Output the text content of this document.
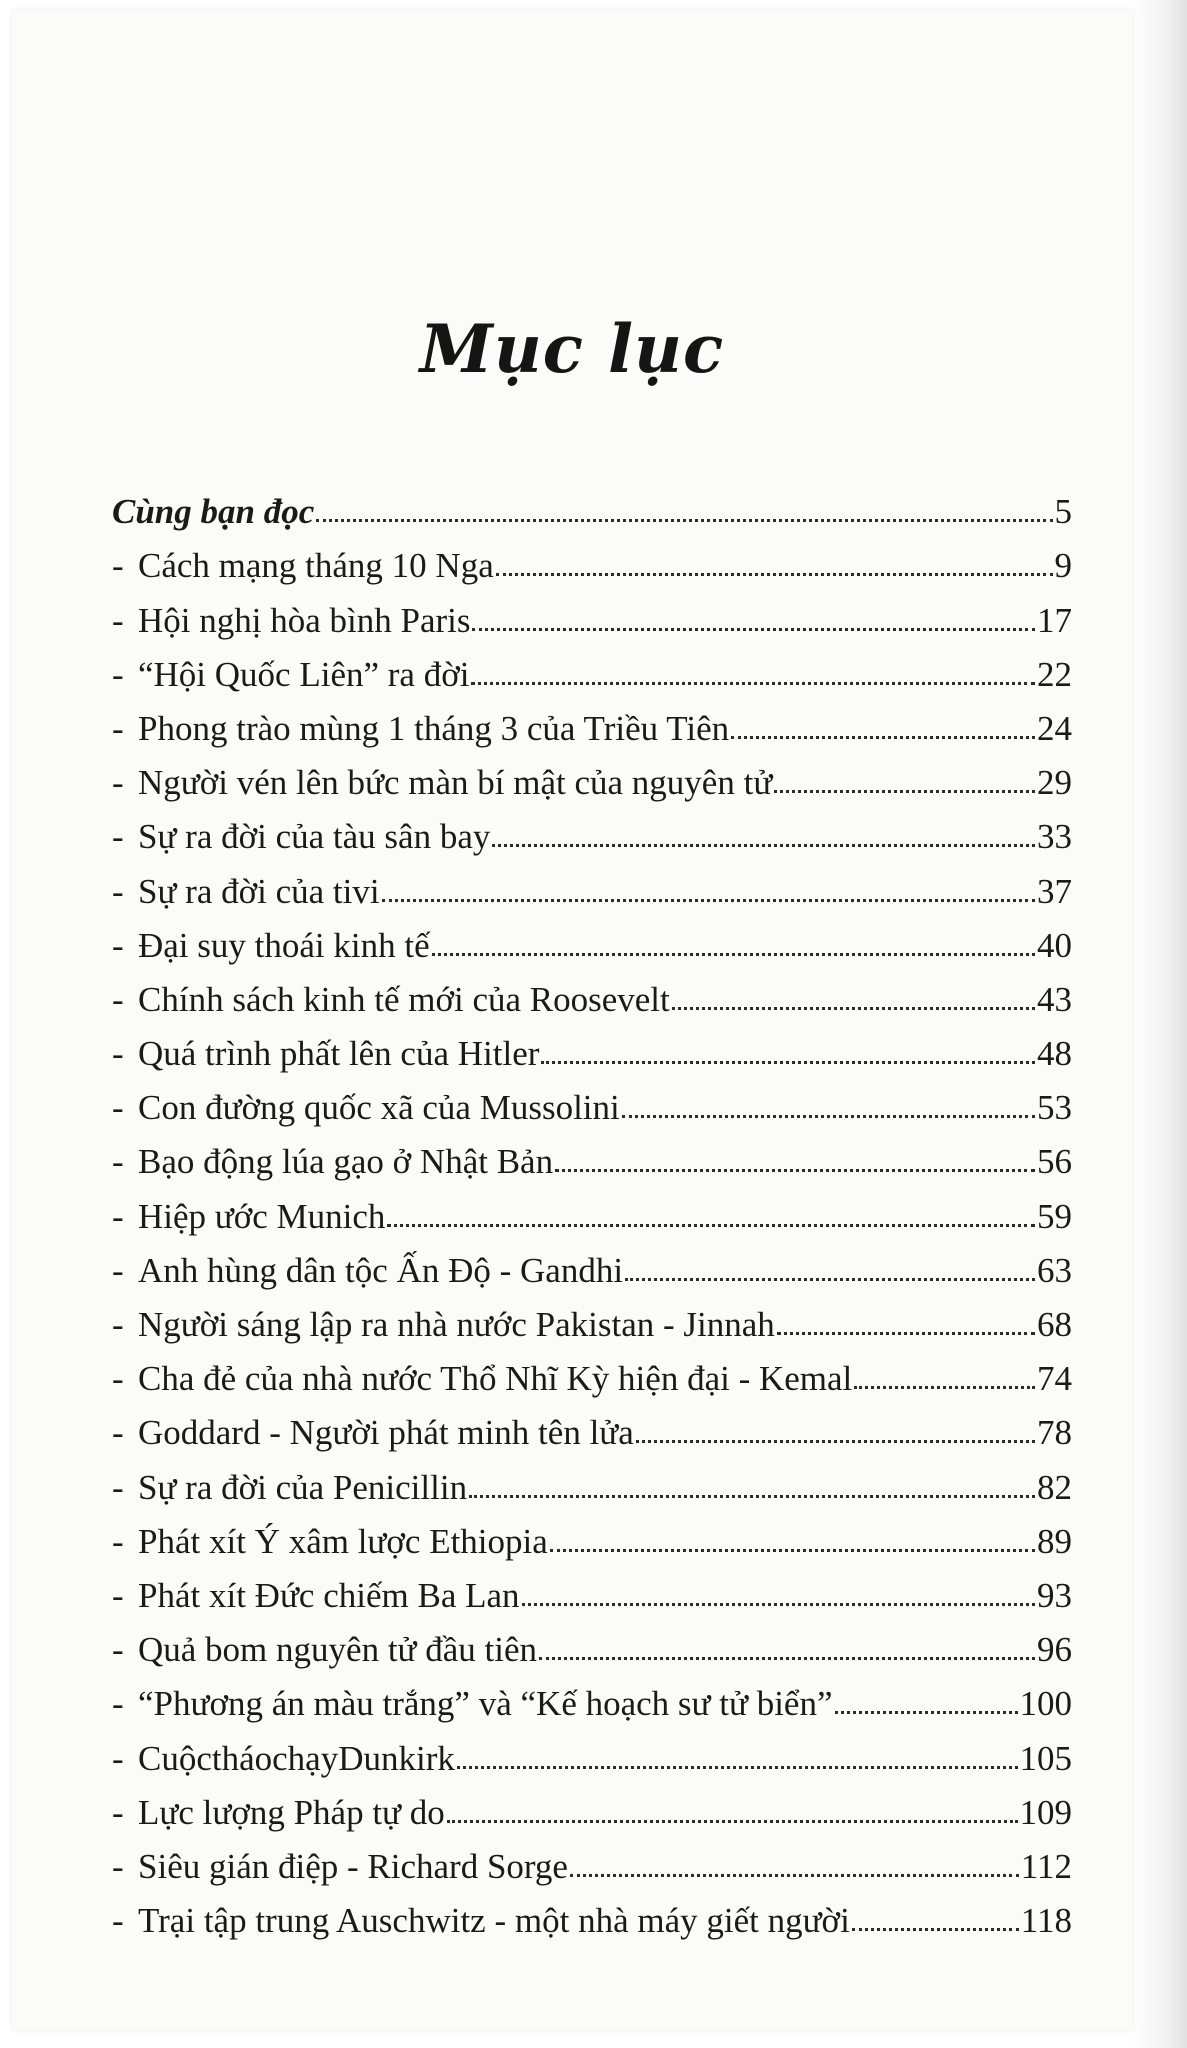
Mục lục
Cùng bạn đọc	5
- Cách mạng tháng 10 Nga	9
- Hội nghị hòa bình Paris	17
- “Hội Quốc Liên” ra đời	22
- Phong trào mùng 1 tháng 3 của Triều Tiên	24
- Người vén lên bức màn bí mật của nguyên tử	29
- Sự ra đời của tàu sân bay	33
- Sự ra đời của tivi	37
- Đại suy thoái kinh tế	40
- Chính sách kinh tế mới của Roosevelt	43
- Quá trình phất lên của Hitler	48
- Con đường quốc xã của Mussolini	53
- Bạo động lúa gạo ở Nhật Bản	56
- Hiệp ước Munich	59
- Anh hùng dân tộc Ấn Độ - Gandhi	63
- Người sáng lập ra nhà nước Pakistan - Jinnah	68
- Cha đẻ của nhà nước Thổ Nhĩ Kỳ hiện đại - Kemal	74
- Goddard - Người phát minh tên lửa	78
- Sự ra đời của Penicillin	82
- Phát xít Ý xâm lược Ethiopia	89
- Phát xít Đức chiếm Ba Lan	93
- Quả bom nguyên tử đầu tiên	96
- “Phương án màu trắng” và “Kế hoạch sư tử biển”	100
- CuộctháochạyDunkirk	105
- Lực lượng Pháp tự do	109
- Siêu gián điệp - Richard Sorge	112
- Trại tập trung Auschwitz - một nhà máy giết người	118
